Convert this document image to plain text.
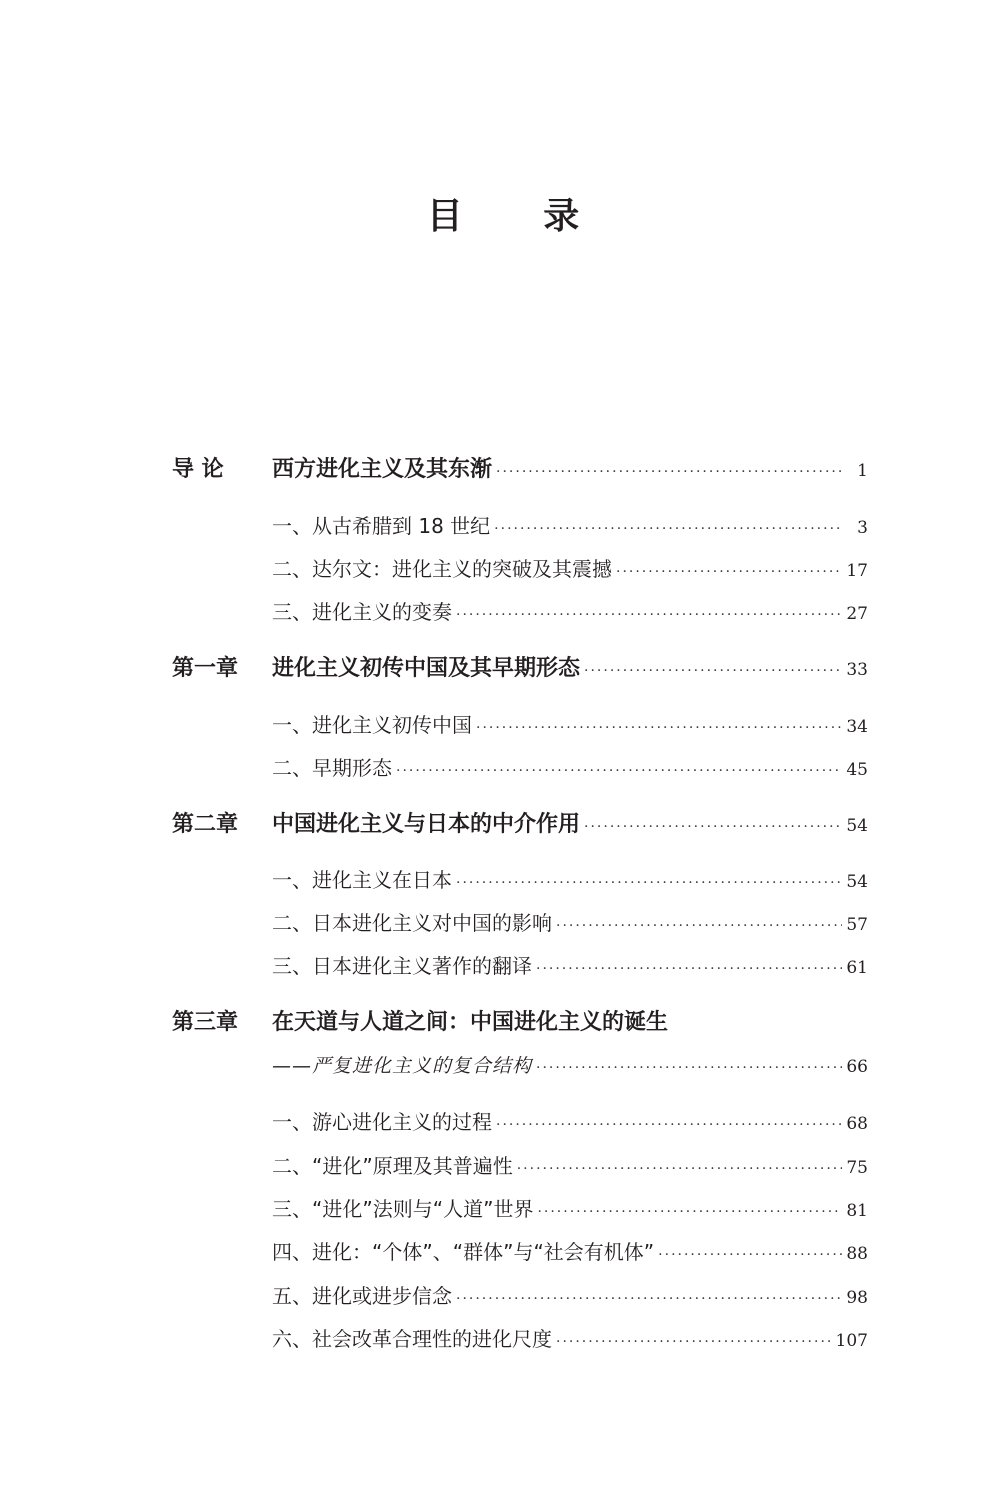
目 录
导 论	西方进化主义及其东渐 ·····	1
一、从古希腊到 18 世纪 ·····	3
二、达尔文：进化主义的突破及其震撼 ·····	17
三、进化主义的变奏 ·····	27
第一章	进化主义初传中国及其早期形态 ·····	33
一、进化主义初传中国 ·····	34
二、早期形态 ·····	45
第二章	中国进化主义与日本的中介作用 ·····	54
一、进化主义在日本 ·····	54
二、日本进化主义对中国的影响 ·····	57
三、日本进化主义著作的翻译 ·····	61
第三章	在天道与人道之间：中国进化主义的诞生
——严复进化主义的复合结构 ·····	66
一、游心进化主义的过程 ·····	68
二、“进化”原理及其普遍性 ·····	75
三、“进化”法则与“人道”世界 ·····	81
四、进化：“个体”、“群体”与“社会有机体” ·····	88
五、进化或进步信念 ·····	98
六、社会改革合理性的进化尺度 ·····	107
